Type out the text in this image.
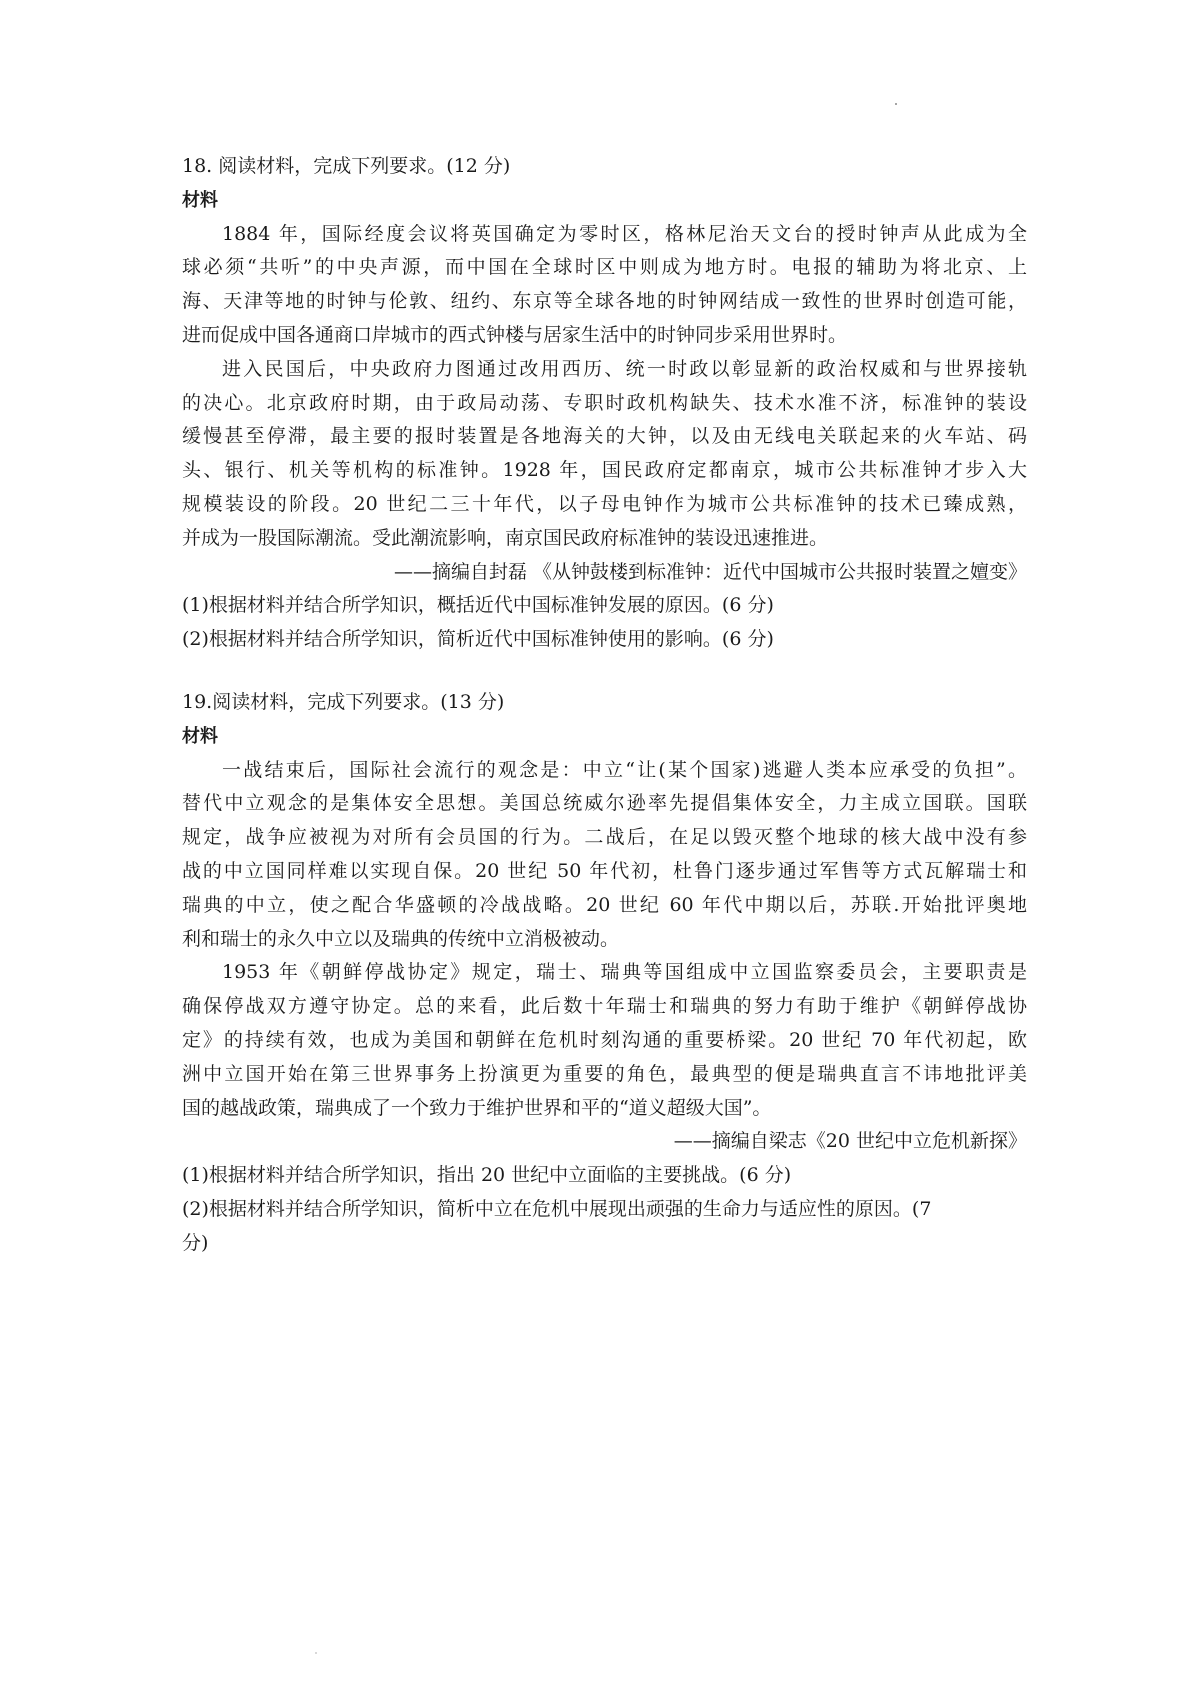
18. 阅读材料，完成下列要求。(12 分)
材料
1884 年，国际经度会议将英国确定为零时区，格林尼治天文台的授时钟声从此成为全
球必须“共听”的中央声源，而中国在全球时区中则成为地方时。电报的辅助为将北京、上
海、天津等地的时钟与伦敦、纽约、东京等全球各地的时钟网结成一致性的世界时创造可能，
进而促成中国各通商口岸城市的西式钟楼与居家生活中的时钟同步采用世界时。
进入民国后，中央政府力图通过改用西历、统一时政以彰显新的政治权威和与世界接轨
的决心。北京政府时期，由于政局动荡、专职时政机构缺失、技术水准不济，标准钟的装设
缓慢甚至停滞，最主要的报时装置是各地海关的大钟，以及由无线电关联起来的火车站、码
头、银行、机关等机构的标准钟。1928 年，国民政府定都南京，城市公共标准钟才步入大
规模装设的阶段。20 世纪二三十年代，以子母电钟作为城市公共标准钟的技术已臻成熟，
并成为一股国际潮流。受此潮流影响，南京国民政府标准钟的装设迅速推进。
——摘编自封磊 《从钟鼓楼到标准钟：近代中国城市公共报时装置之嬗变》
(1)根据材料并结合所学知识，概括近代中国标准钟发展的原因。(6 分)
(2)根据材料并结合所学知识，简析近代中国标准钟使用的影响。(6 分)
19.阅读材料，完成下列要求。(13 分)
材料
一战结束后，国际社会流行的观念是：中立“让(某个国家)逃避人类本应承受的负担”。
替代中立观念的是集体安全思想。美国总统威尔逊率先提倡集体安全，力主成立国联。国联
规定，战争应被视为对所有会员国的行为。二战后，在足以毁灭整个地球的核大战中没有参
战的中立国同样难以实现自保。20 世纪 50 年代初，杜鲁门逐步通过军售等方式瓦解瑞士和
瑞典的中立，使之配合华盛顿的冷战战略。20 世纪 60 年代中期以后，苏联.开始批评奥地
利和瑞士的永久中立以及瑞典的传统中立消极被动。
1953 年《朝鲜停战协定》规定，瑞士、瑞典等国组成中立国监察委员会，主要职责是
确保停战双方遵守协定。总的来看，此后数十年瑞士和瑞典的努力有助于维护《朝鲜停战协
定》的持续有效，也成为美国和朝鲜在危机时刻沟通的重要桥梁。20 世纪 70 年代初起，欧
洲中立国开始在第三世界事务上扮演更为重要的角色，最典型的便是瑞典直言不讳地批评美
国的越战政策，瑞典成了一个致力于维护世界和平的“道义超级大国”。
——摘编自梁志《20 世纪中立危机新探》
(1)根据材料并结合所学知识，指出 20 世纪中立面临的主要挑战。(6 分)
(2)根据材料并结合所学知识，简析中立在危机中展现出顽强的生命力与适应性的原因。(7
分)
